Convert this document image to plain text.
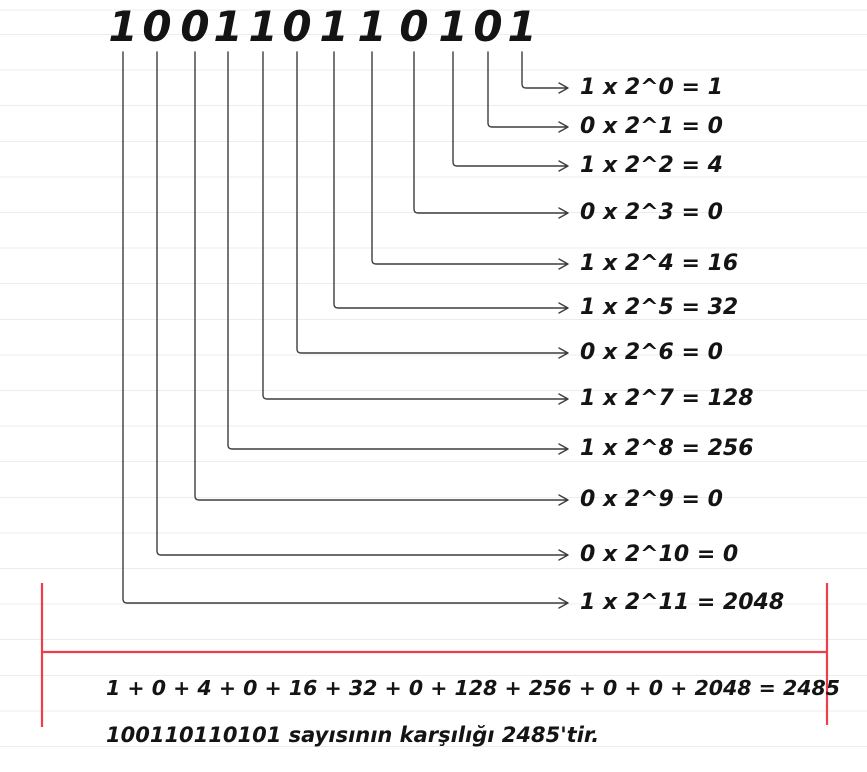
1 0 0 1 1 0 1 1 0 1 0 1
1 x 2^0 = 1
0 x 2^1 = 0
1 x 2^2 = 4
0 x 2^3 = 0
1 x 2^4 = 16
1 x 2^5 = 32
0 x 2^6 = 0
1 x 2^7 = 128
1 x 2^8 = 256
0 x 2^9 = 0
0 x 2^10 = 0
1 x 2^11 = 2048
1 + 0 + 4 + 0 + 16 + 32 + 0 + 128 + 256 + 0 + 0 + 2048 = 2485
100110110101 sayısının karşılığı 2485'tir.
